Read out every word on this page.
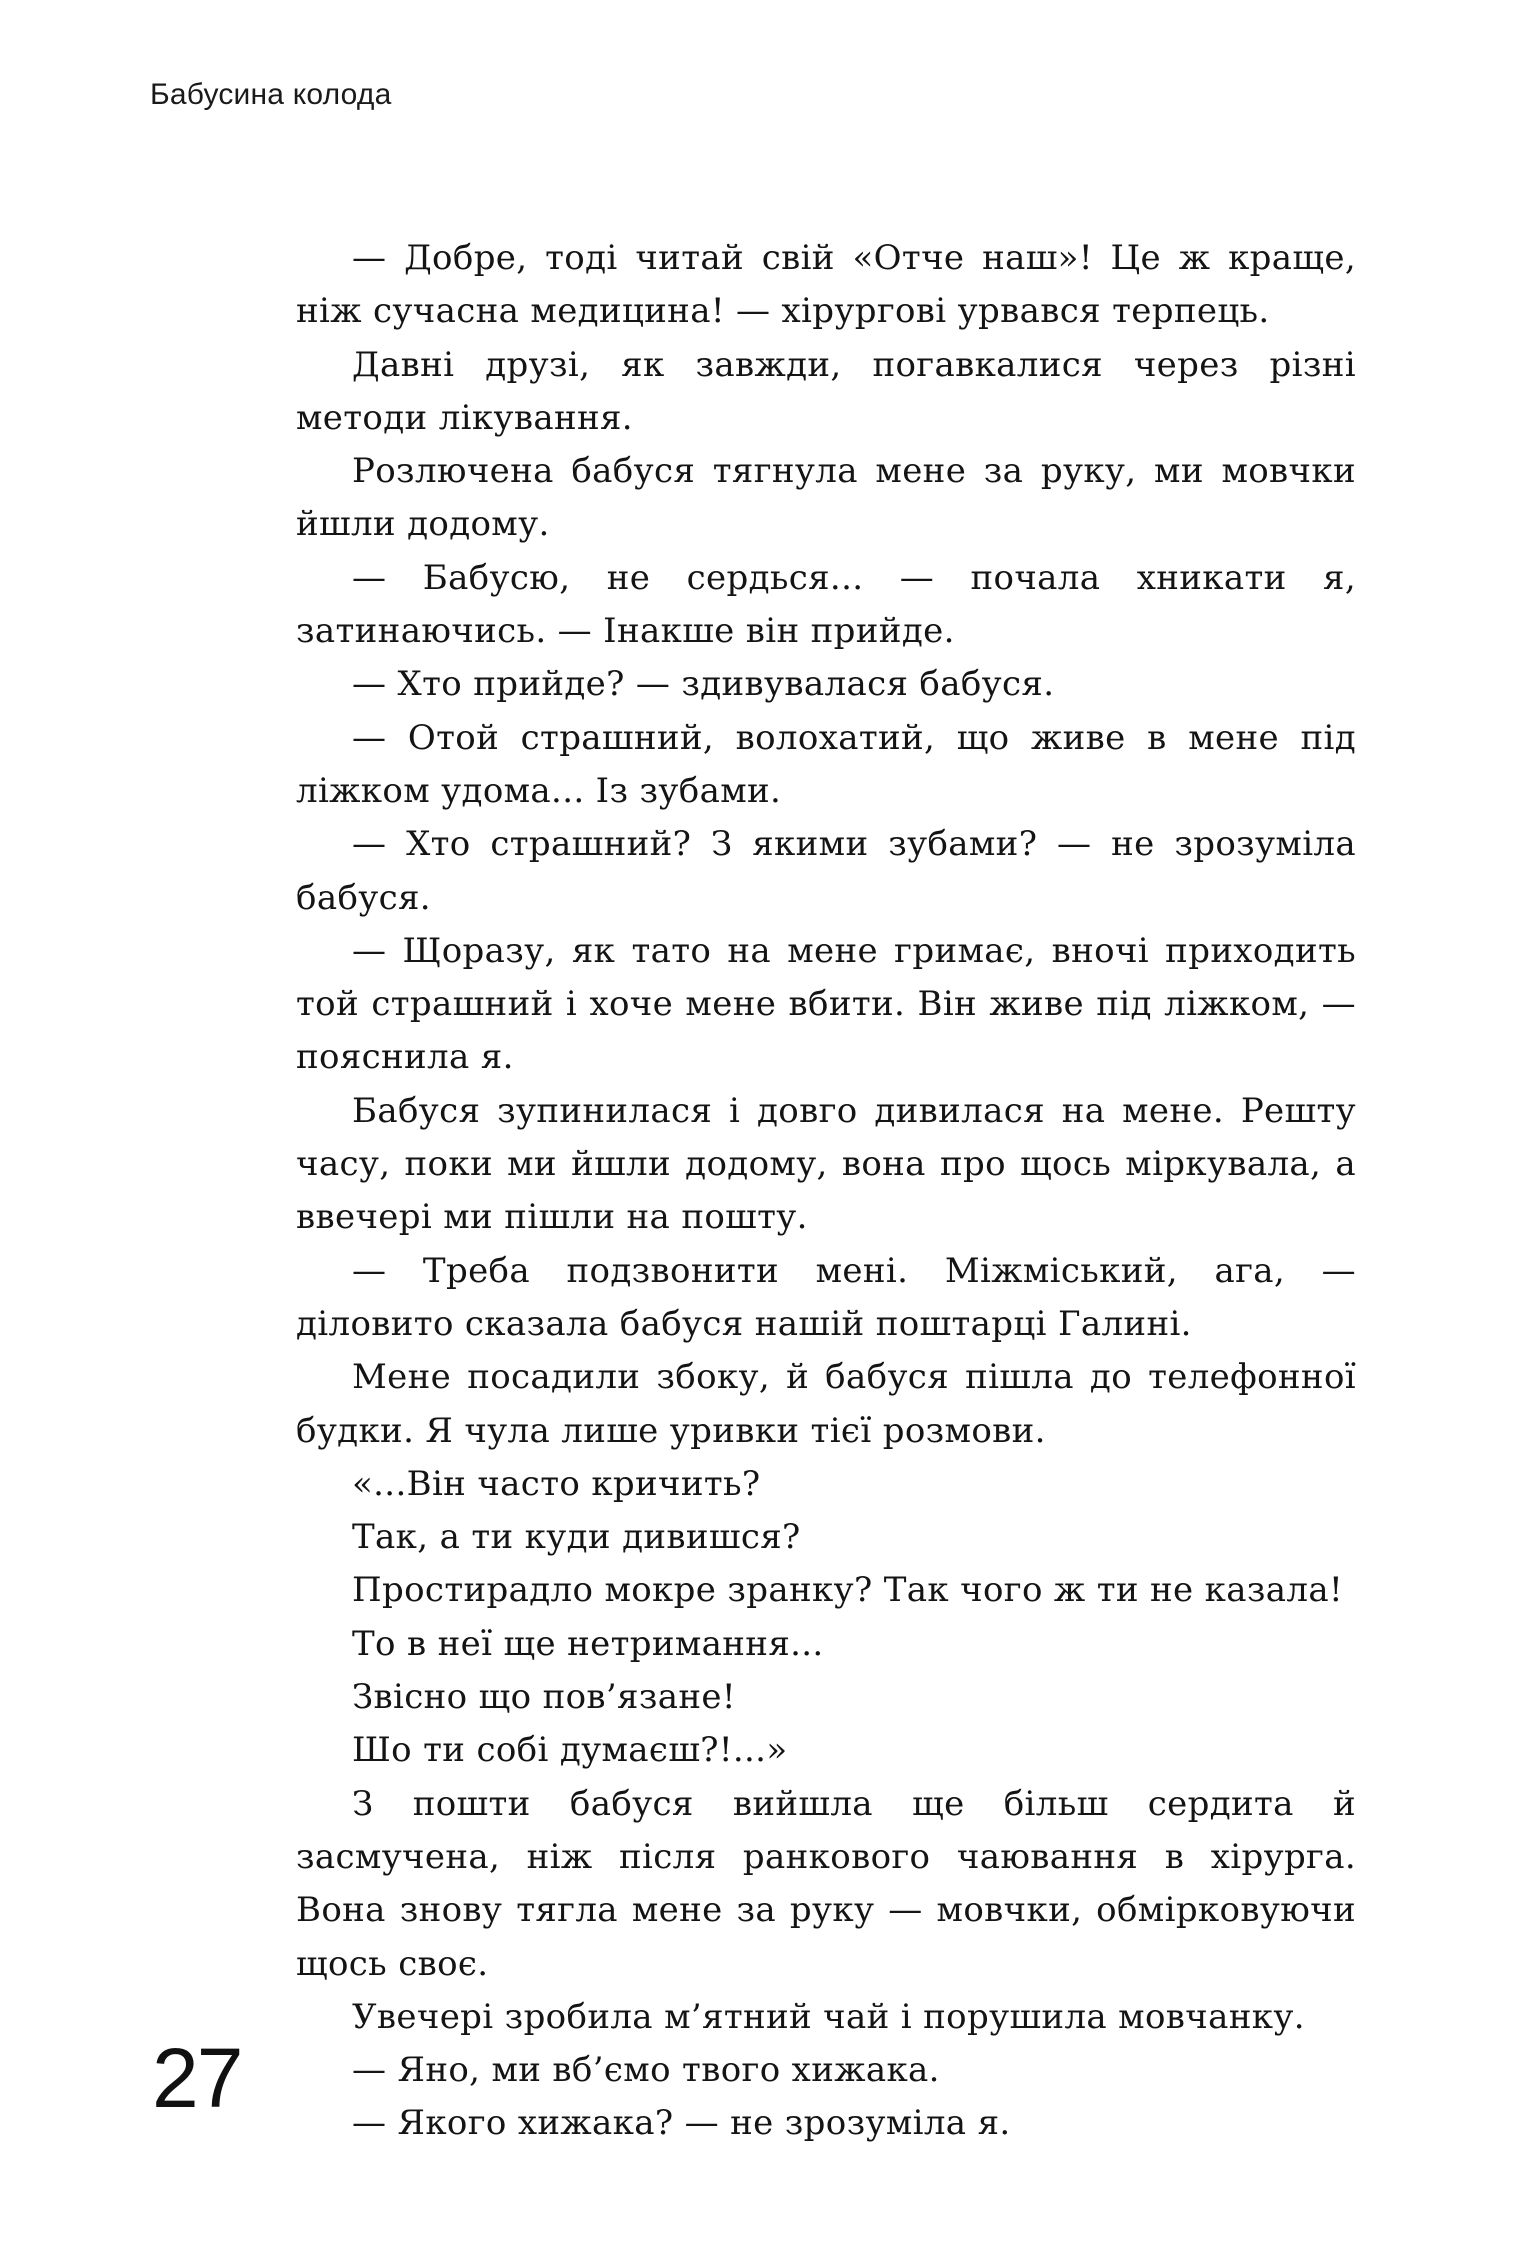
Бабусина колода

— Добре, тоді читай свій «Отче наш»! Це ж краще, ніж сучасна медицина! — хірургові урвався терпець.

Давні друзі, як завжди, погавкалися через різні методи лікування.

Розлючена бабуся тягнула мене за руку, ми мовчки йшли додому.

— Бабусю, не сердься... — почала хникати я, затинаючись. — Інакше він прийде.

— Хто прийде? — здивувалася бабуся.

— Отой страшний, волохатий, що живе в мене під ліжком удома... Із зубами.

— Хто страшний? З якими зубами? — не зрозуміла бабуся.

— Щоразу, як тато на мене гримає, вночі приходить той страшний і хоче мене вбити. Він живе під ліжком, — пояснила я.

Бабуся зупинилася і довго дивилася на мене. Решту часу, поки ми йшли додому, вона про щось міркувала, а ввечері ми пішли на пошту.

— Треба подзвонити мені. Міжміський, ага, — діловито сказала бабуся нашій поштарці Галині.

Мене посадили збоку, й бабуся пішла до телефонної будки. Я чула лише уривки тієї розмови.

«...Він часто кричить?

Так, а ти куди дивишся?

Простирадло мокре зранку? Так чого ж ти не казала!

То в неї ще нетримання...

Звісно що пов’язане!

Шо ти собі думаєш?!...»

З пошти бабуся вийшла ще більш сердита й засмучена, ніж після ранкового чаювання в хірурга. Вона знову тягла мене за руку — мовчки, обмірковуючи щось своє.

Увечері зробила м’ятний чай і порушила мовчанку.

— Яно, ми вб’ємо твого хижака.

— Якого хижака? — не зрозуміла я.

27
